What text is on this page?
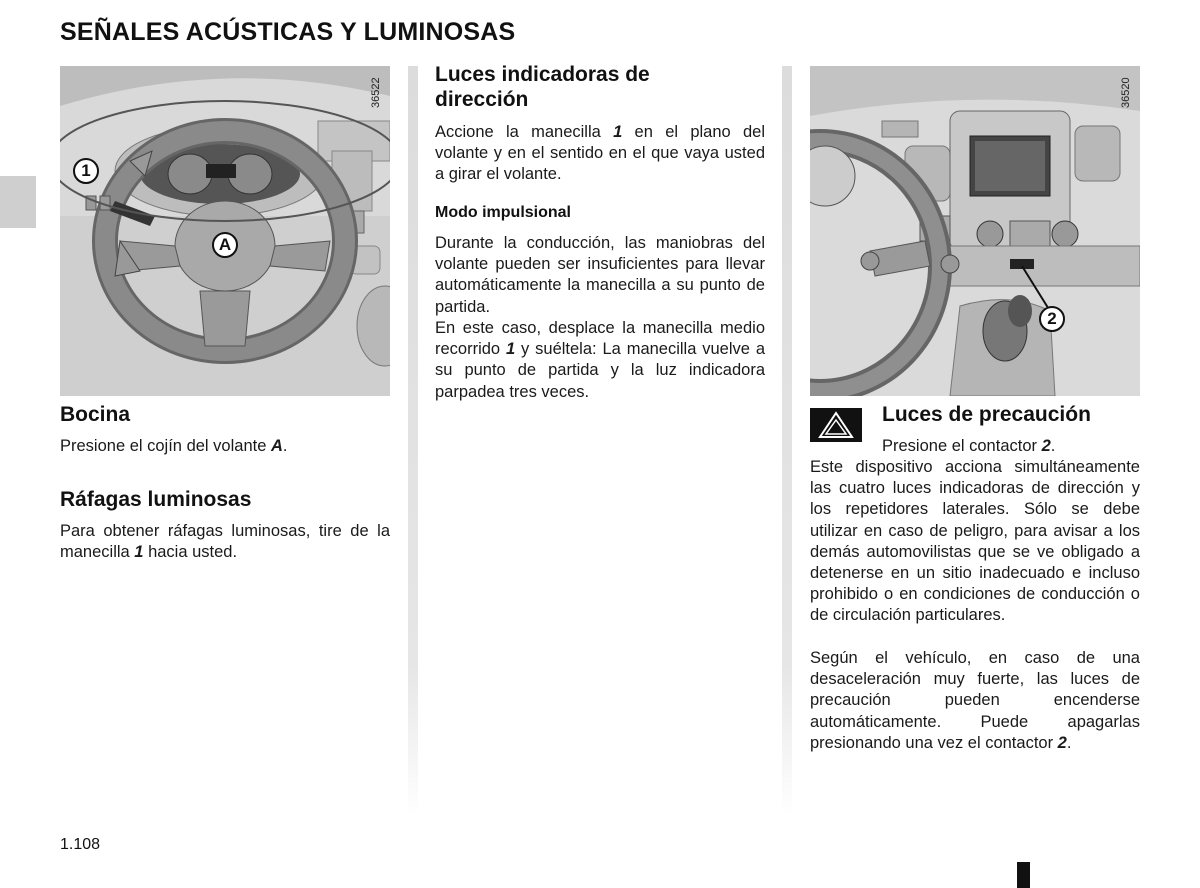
SEÑALES ACÚSTICAS Y LUMINOSAS
36522
1
A
Bocina

Presione el cojín del volante A.

Ráfagas luminosas

Para obtener ráfagas luminosas, tire de la manecilla 1 hacia usted.

Luces indicadoras de dirección

Accione la manecilla 1 en el plano del volante y en el sentido en el que vaya usted a girar el volante.

Modo impulsional

Durante la conducción, las maniobras del volante pueden ser insuficientes para llevar automáticamente la manecilla a su punto de partida.

En este caso, desplace la manecilla medio recorrido 1 y suéltela: La manecilla vuelve a su punto de partida y la luz indicadora parpadea tres veces.

36520
2
Luces de precaución

Presione el contactor 2.

Este dispositivo acciona simultáneamente las cuatro luces indicadoras de dirección y los repetidores laterales. Sólo se debe utilizar en caso de peligro, para avisar a los demás automovilistas que se ve obligado a detenerse en un sitio inadecuado e incluso prohibido o en condiciones de conducción o de circulación particulares.

Según el vehículo, en caso de una desaceleración muy fuerte, las luces de precaución pueden encenderse automáticamente. Puede apagarlas presionando una vez el contactor 2.

1.108
